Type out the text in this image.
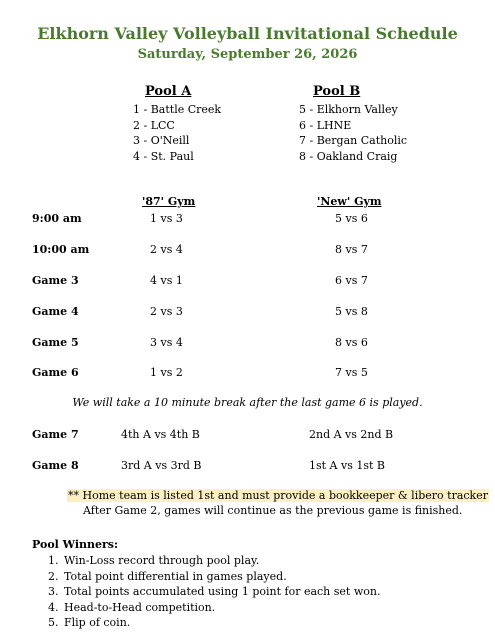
Elkhorn Valley Volleyball Invitational Schedule
Saturday, September 26, 2026
Pool A
1 - Battle Creek
2 - LCC
3 - O'Neill
4 - St. Paul
Pool B
5 - Elkhorn Valley
6 - LHNE
7 - Bergan Catholic
8 - Oakland Craig
'87' Gym	'New' Gym
9:00 am	1 vs 3	5 vs 6
10:00 am	2 vs 4	8 vs 7
Game 3	4 vs 1	6 vs 7
Game 4	2 vs 3	5 vs 8
Game 5	3 vs 4	8 vs 6
Game 6	1 vs 2	7 vs 5
We will take a 10 minute break after the last game 6 is played.
Game 7	4th A vs 4th B	2nd A vs 2nd B
Game 8	3rd A vs 3rd B	1st A vs 1st B
** Home team is listed 1st and must provide a bookkeeper & libero tracker
After Game 2, games will continue as the previous game is finished.
Pool Winners:
1. Win-Loss record through pool play.
2. Total point differential in games played.
3. Total points accumulated using 1 point for each set won.
4. Head-to-Head competition.
5. Flip of coin.
